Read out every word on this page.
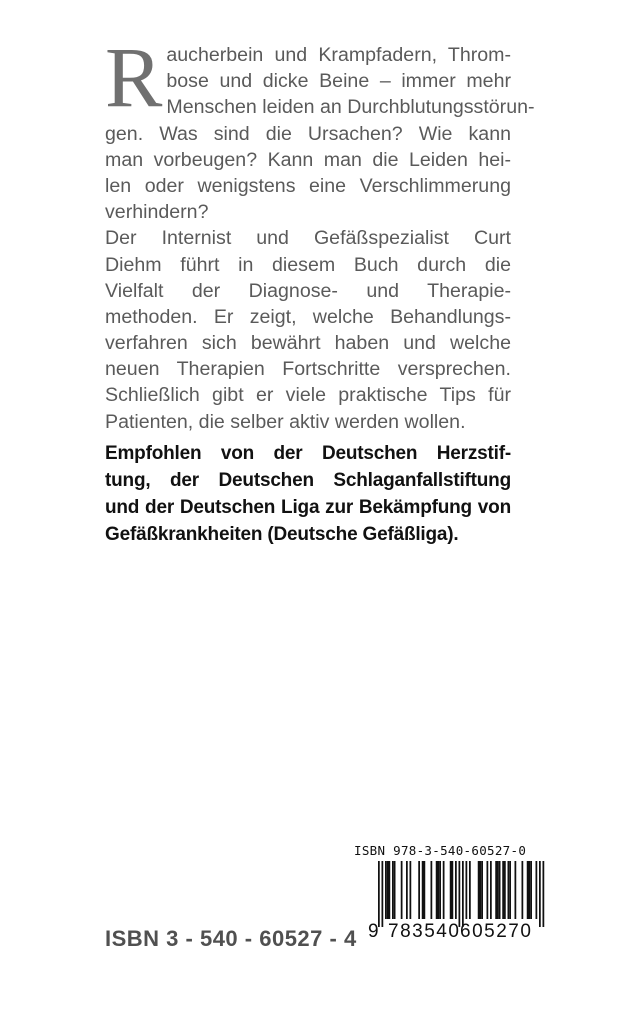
R aucherbein und Krampfadern, Throm-
bose und dicke Beine – immer mehr
Menschen leiden an Durchblutungsstörun-
gen. Was sind die Ursachen? Wie kann
man vorbeugen? Kann man die Leiden hei-
len oder wenigstens eine Verschlimmerung
verhindern?
Der Internist und Gefäßspezialist Curt
Diehm führt in diesem Buch durch die
Vielfalt der Diagnose- und Therapie-
methoden. Er zeigt, welche Behandlungs-
verfahren sich bewährt haben und welche
neuen Therapien Fortschritte versprechen.
Schließlich gibt er viele praktische Tips für
Patienten, die selber aktiv werden wollen.
Empfohlen von der Deutschen Herzstif-
tung, der Deutschen Schlaganfallstiftung
und der Deutschen Liga zur Bekämpfung von
Gefäßkrankheiten (Deutsche Gefäßliga).
ISBN 3 - 540 - 60527 - 4
ISBN 978-3-540-60527-0
9 783540 605270
